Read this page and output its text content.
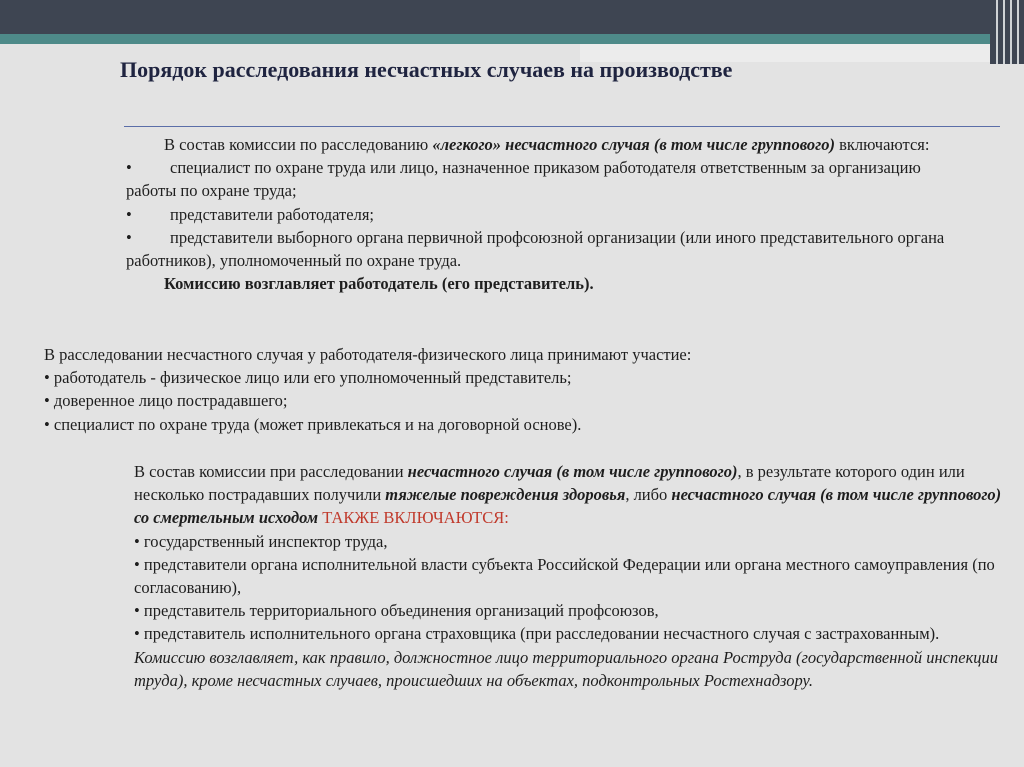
Порядок расследования несчастных случаев на производстве

В состав комиссии по расследованию «легкого» несчастного случая (в том числе группового) включаются:

• специалист по охране труда или лицо, назначенное приказом работодателя ответственным за организацию работы по охране труда;

• представители работодателя;

• представители выборного органа первичной профсоюзной организации (или иного представительного органа работников), уполномоченный по охране труда.

Комиссию возглавляет работодатель (его представитель).

В расследовании несчастного случая у работодателя-физического лица принимают участие:

• работодатель - физическое лицо или его уполномоченный представитель;

• доверенное лицо пострадавшего;

• специалист по охране труда (может привлекаться и на договорной основе).

В состав комиссии при расследовании несчастного случая (в том числе группового), в результате которого один или несколько пострадавших получили тяжелые повреждения здоровья, либо несчастного случая (в том числе группового) со смертельным исходом ТАКЖЕ ВКЛЮЧАЮТСЯ:

• государственный инспектор труда,

• представители органа исполнительной власти субъекта Российской Федерации или органа местного самоуправления (по согласованию),

• представитель территориального объединения организаций профсоюзов,

• представитель исполнительного органа страховщика (при расследовании несчастного случая с застрахованным).

Комиссию возглавляет, как правило, должностное лицо территориального органа Роструда (государственной инспекции труда), кроме несчастных случаев, происшедших на объектах, подконтрольных Ростехнадзору.
